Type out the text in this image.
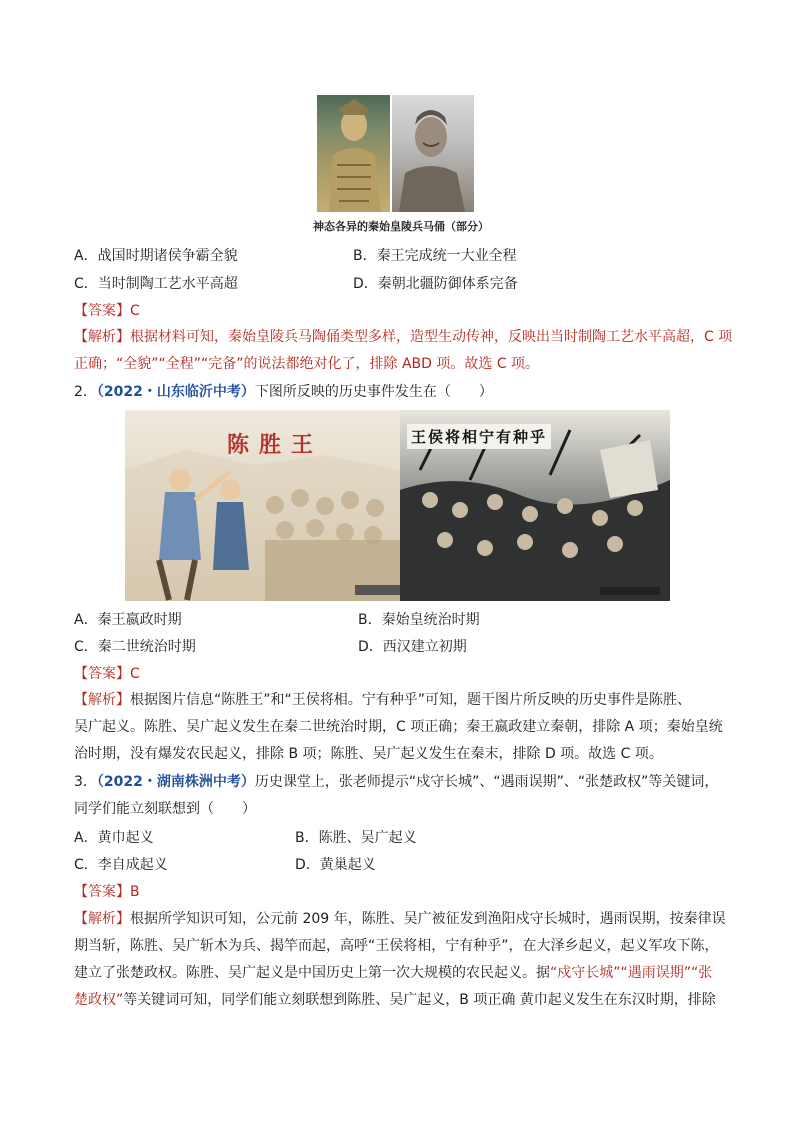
神态各异的秦始皇陵兵马俑（部分）
A．战国时期诸侯争霸全貌	B．秦王完成统一大业全程
C．当时制陶工艺水平高超	D．秦朝北疆防御体系完备
【答案】C
【解析】根据材料可知，秦始皇陵兵马陶俑类型多样，造型生动传神，反映出当时制陶工艺水平高超，C 项
正确；“全貌”“全程”“完备”的说法都绝对化了，排除 ABD 项。故选 C 项。
2．（2022・山东临沂中考）下图所反映的历史事件发生在（　　）
陈胜王	王侯将相宁有种乎
A．秦王嬴政时期	B．秦始皇统治时期
C．秦二世统治时期	D．西汉建立初期
【答案】C
【解析】根据图片信息“陈胜王”和“王侯将相。宁有种乎”可知，题干图片所反映的历史事件是陈胜、
吴广起义。陈胜、吴广起义发生在秦二世统治时期，C 项正确；秦王嬴政建立秦朝，排除 A 项；秦始皇统
治时期，没有爆发农民起义，排除 B 项；陈胜、吴广起义发生在秦末，排除 D 项。故选 C 项。
3．（2022・湖南株洲中考）历史课堂上，张老师提示“戍守长城”、“遇雨误期”、“张楚政权”等关键词，
同学们能立刻联想到（　　）
A．黄巾起义	B．陈胜、吴广起义
C．李自成起义	D．黄巢起义
【答案】B
【解析】根据所学知识可知，公元前 209 年，陈胜、吴广被征发到渔阳戍守长城时，遇雨误期，按秦律误
期当斩，陈胜、吴广斩木为兵、揭竿而起，高呼“王侯将相，宁有种乎”，在大泽乡起义，起义军攻下陈，
建立了张楚政权。陈胜、吴广起义是中国历史上第一次大规模的农民起义。据“戍守长城”“遇雨误期”“张
楚政权”等关键词可知，同学们能立刻联想到陈胜、吴广起义，B 项正确 黄巾起义发生在东汉时期，排除
